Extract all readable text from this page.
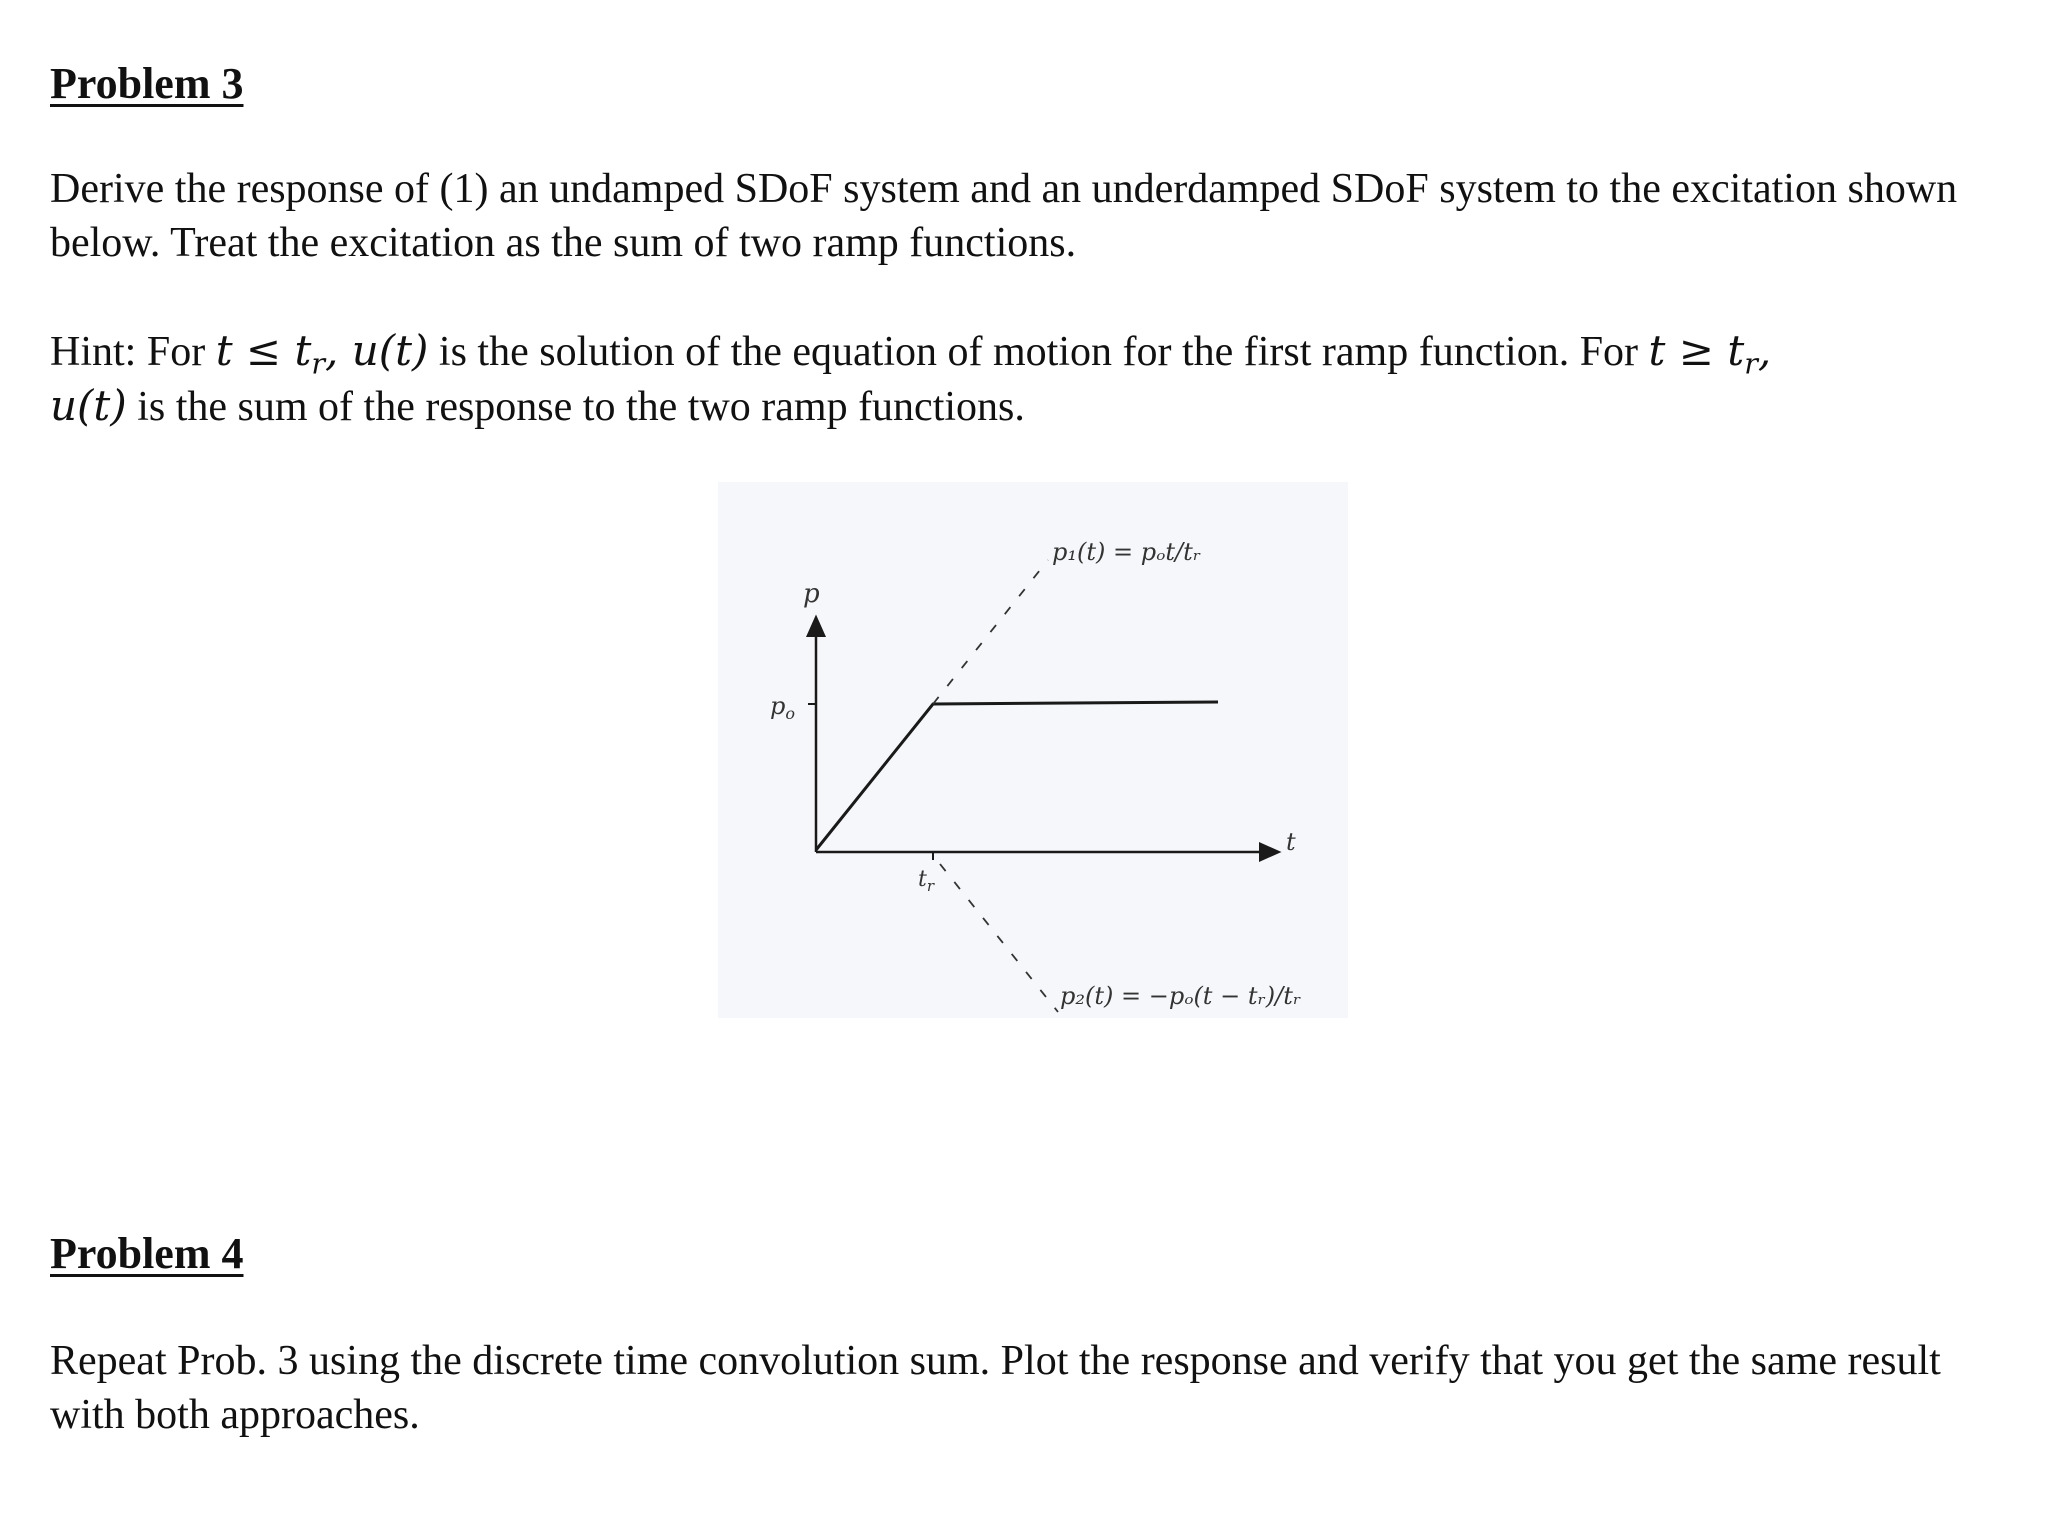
Problem 3

Derive the response of (1) an undamped SDoF system and an underdamped SDoF system to the excitation shown below. Treat the excitation as the sum of two ramp functions.

Hint: For $t \le t_r$, u(t) is the solution of the equation of motion for the first ramp function. For $t \ge t_r$,
u(t) is the sum of the response to the two ramp functions.

p
$p_o$
t
$t_r$
p₁(t) = pₒt/tᵣ
p₂(t) = −pₒ(t − tᵣ)/tᵣ
Problem 4

Repeat Prob. 3 using the discrete time convolution sum. Plot the response and verify that you get the same result with both approaches.
